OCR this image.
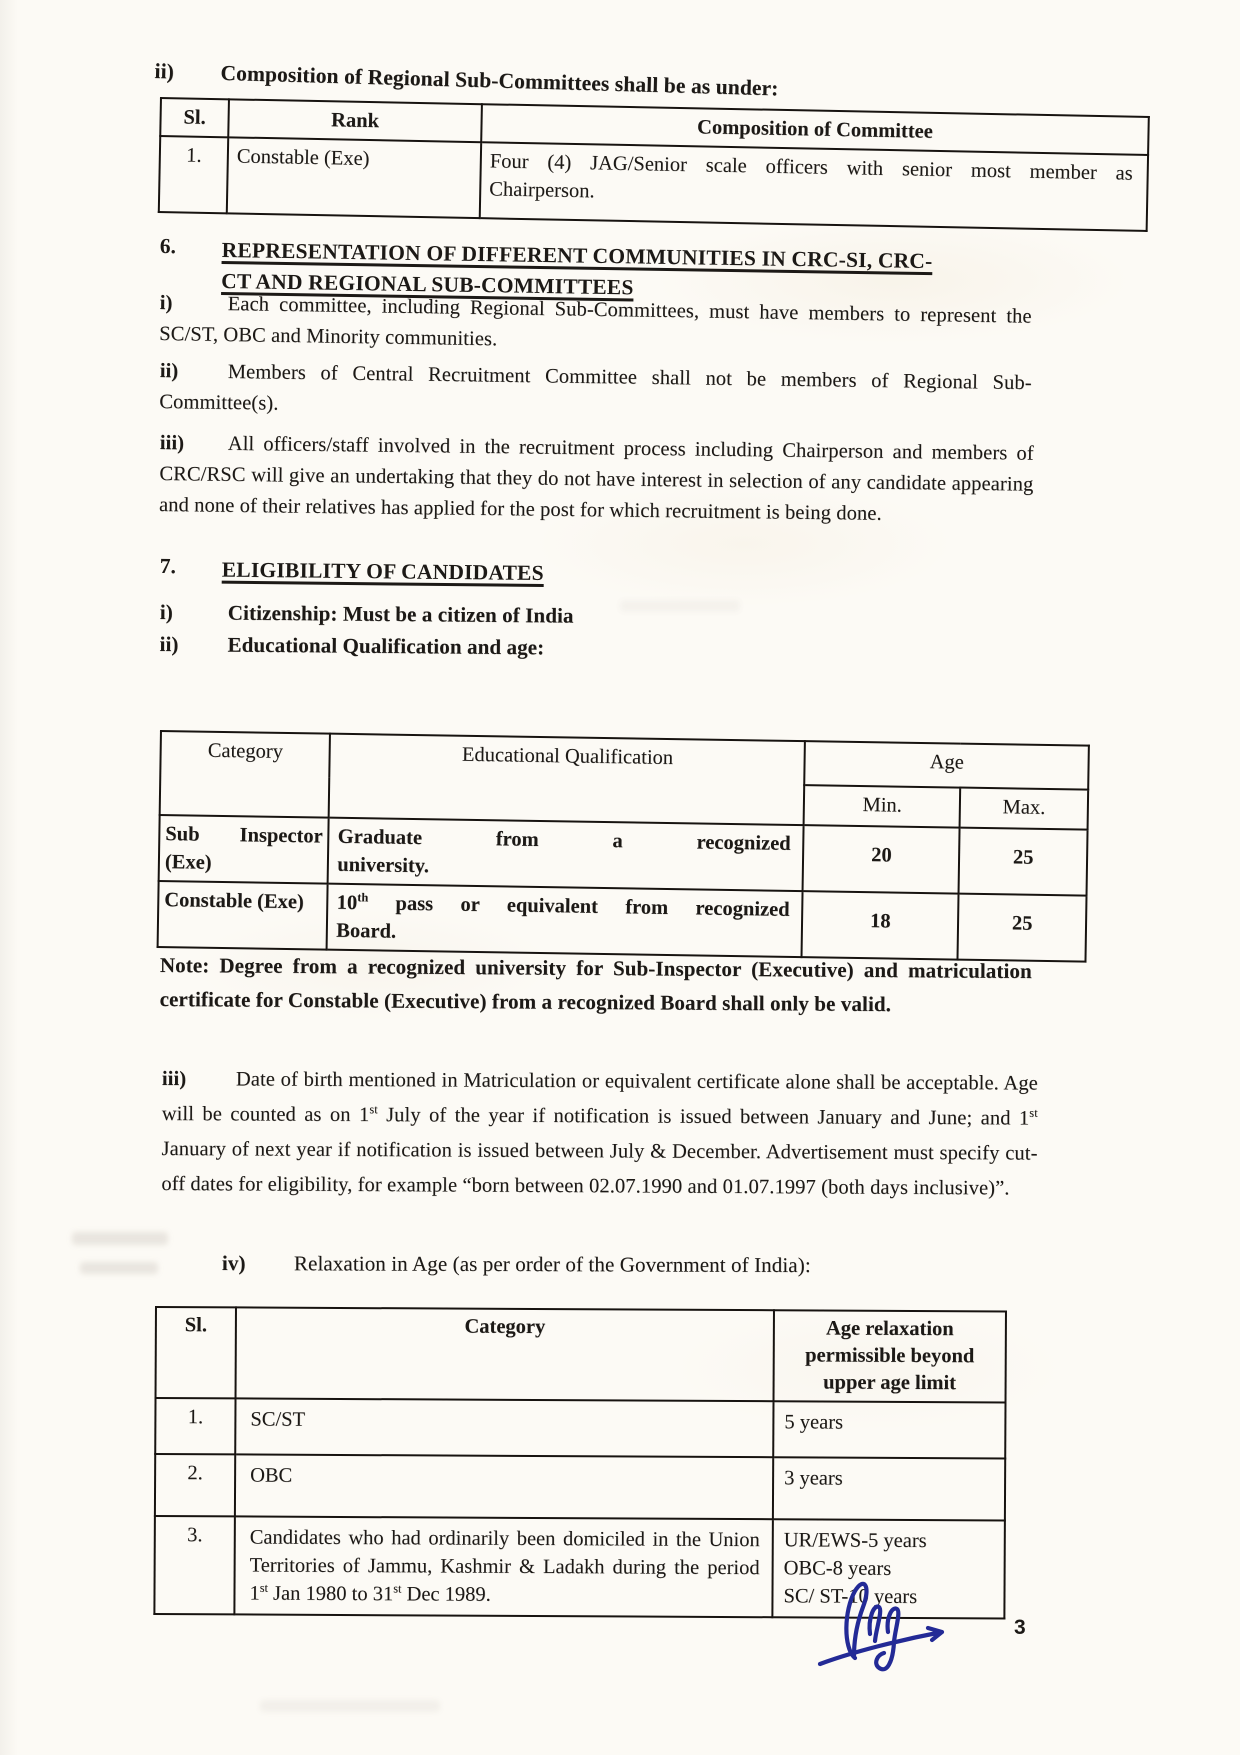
ii) Composition of Regional Sub-Committees shall be as under:
Sl.	Rank	Composition of Committee
1.	Constable (Exe)	Four (4) JAG/Senior scale officers with senior most member as Chairperson.
6.	REPRESENTATION OF DIFFERENT COMMUNITIES IN CRC-SI, CRC-
CT AND REGIONAL SUB-COMMITTEES

i)	Each committee, including Regional Sub-Committees, must have members to represent the SC/ST, OBC and Minority communities.

ii) Members of Central Recruitment Committee shall not be members of Regional Sub-Committee(s).

iii) All officers/staff involved in the recruitment process including Chairperson and members of CRC/RSC will give an undertaking that they do not have interest in selection of any candidate appearing and none of their relatives has applied for the post for which recruitment is being done.

7.	ELIGIBILITY OF CANDIDATES
i)	Citizenship: Must be a citizen of India
ii) Educational Qualification and age:
Category	Educational Qualification	Age	
		Min.	Max.
Sub Inspector (Exe)	Graduate from a recognized university.	20	25
Constable (Exe)	10th pass or equivalent from recognized Board.	18	25

Note: Degree from a recognized university for Sub-Inspector (Executive) and matriculation certificate for Constable (Executive) from a recognized Board shall only be valid.

iii) Date of birth mentioned in Matriculation or equivalent certificate alone shall be acceptable. Age will be counted as on 1st July of the year if notification is issued between January and June; and 1st January of next year if notification is issued between July & December. Advertisement must specify cut-off dates for eligibility, for example “born between 02.07.1990 and 01.07.1997 (both days inclusive)”.

iv) Relaxation in Age (as per order of the Government of India):
Sl.	Category	Age relaxation permissible beyond upper age limit
1.	SC/ST	5 years
2.	OBC	3 years
3.	Candidates who had ordinarily been domiciled in the Union Territories of Jammu, Kashmir & Ladakh during the period 1st Jan 1980 to 31st Dec 1989.	UR/EWS-5 years
OBC-8 years
SC/ ST-10 years
3
